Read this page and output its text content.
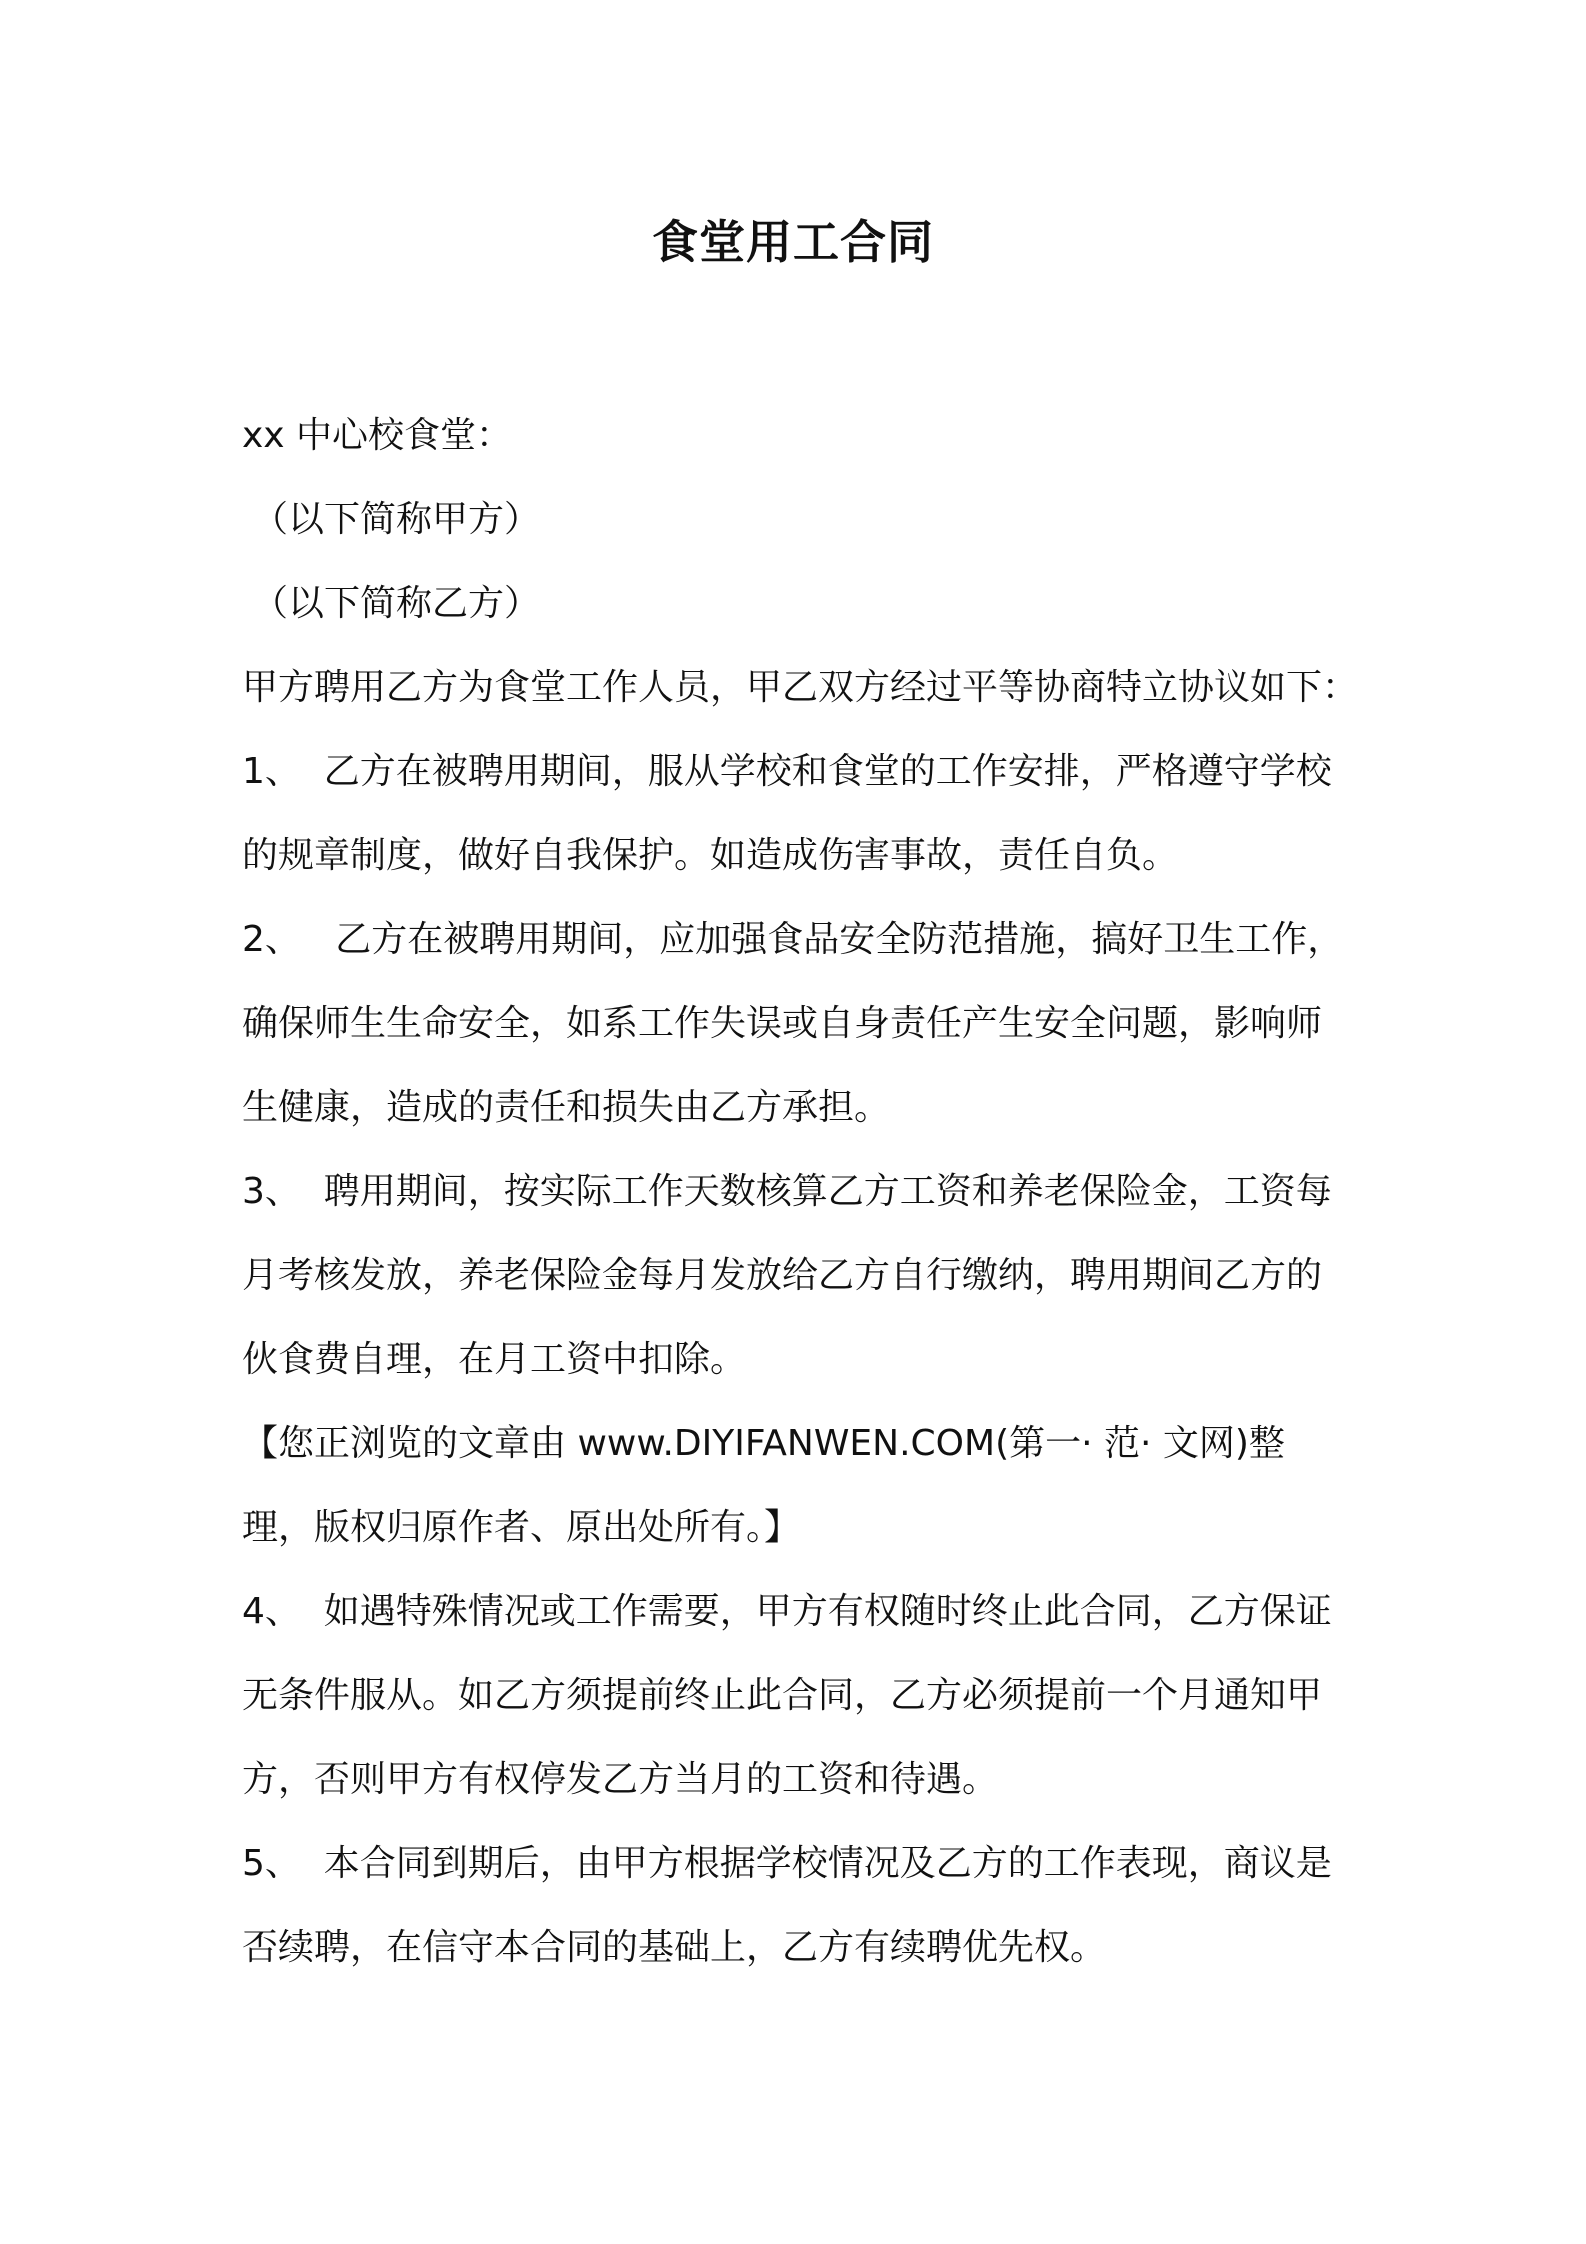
食堂用工合同
xx 中心校食堂：
（以下简称甲方）
（以下简称乙方）
甲方聘用乙方为食堂工作人员，甲乙双方经过平等协商特立协议如下：
1、  乙方在被聘用期间，服从学校和食堂的工作安排，严格遵守学校
的规章制度，做好自我保护。如造成伤害事故，责任自负。
2、   乙方在被聘用期间，应加强食品安全防范措施，搞好卫生工作，
确保师生生命安全，如系工作失误或自身责任产生安全问题，影响师
生健康，造成的责任和损失由乙方承担。
3、  聘用期间，按实际工作天数核算乙方工资和养老保险金，工资每
月考核发放，养老保险金每月发放给乙方自行缴纳，聘用期间乙方的
伙食费自理，在月工资中扣除。
【您正浏览的文章由 www.DIYIFANWEN.COM(第一· 范· 文网)整
理，版权归原作者、原出处所有。】
4、  如遇特殊情况或工作需要，甲方有权随时终止此合同，乙方保证
无条件服从。如乙方须提前终止此合同，乙方必须提前一个月通知甲
方，否则甲方有权停发乙方当月的工资和待遇。
5、  本合同到期后，由甲方根据学校情况及乙方的工作表现，商议是
否续聘，在信守本合同的基础上，乙方有续聘优先权。
